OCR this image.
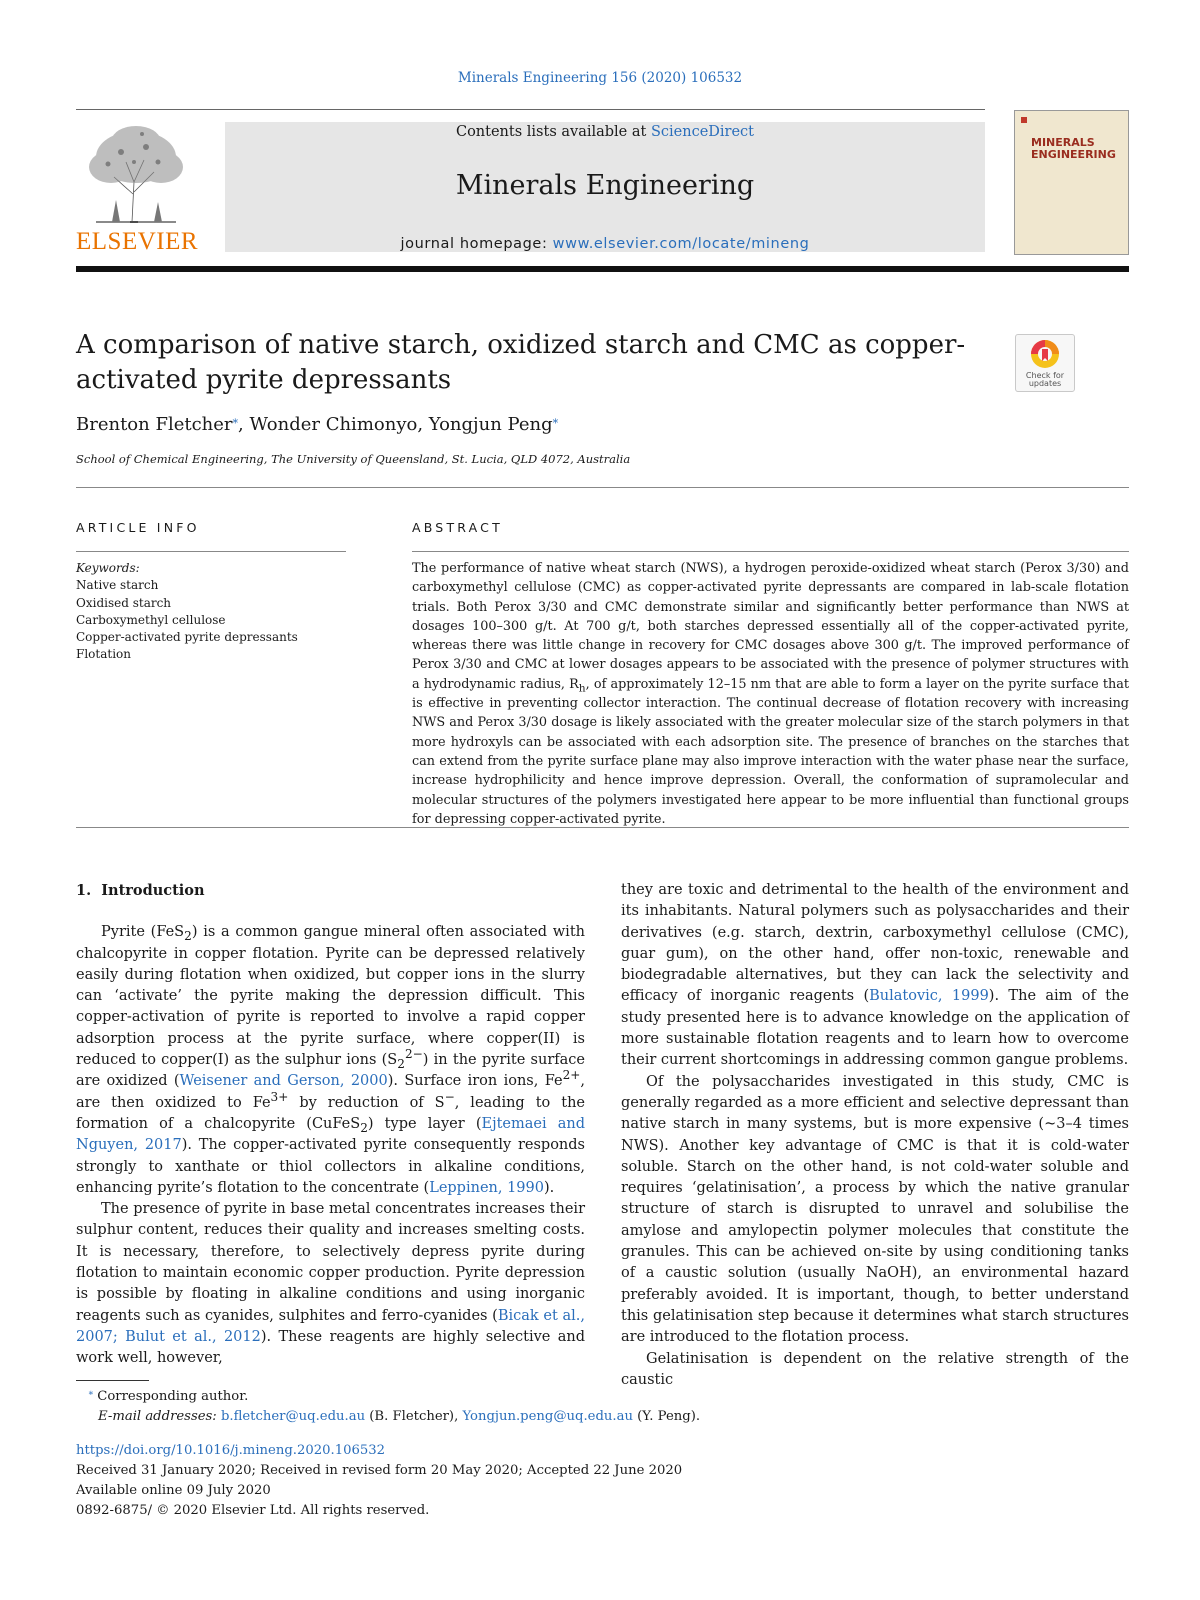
Minerals Engineering 156 (2020) 106532
ELSEVIER
Contents lists available at ScienceDirect
Minerals Engineering
journal homepage: www.elsevier.com/locate/mineng
MINERALS
ENGINEERING
A comparison of native starch, oxidized starch and CMC as copper-activated pyrite depressants	Check for
updates
Brenton Fletcher⁎, Wonder Chimonyo, Yongjun Peng⁎
School of Chemical Engineering, The University of Queensland, St. Lucia, QLD 4072, Australia
ARTICLE INFO	ABSTRACT
Keywords:
Native starch
Oxidised starch
Carboxymethyl cellulose
Copper-activated pyrite depressants
Flotation
The performance of native wheat starch (NWS), a hydrogen peroxide-oxidized wheat starch (Perox 3/30) and carboxymethyl cellulose (CMC) as copper-activated pyrite depressants are compared in lab-scale flotation trials. Both Perox 3/30 and CMC demonstrate similar and significantly better performance than NWS at dosages 100–300 g/t. At 700 g/t, both starches depressed essentially all of the copper-activated pyrite, whereas there was little change in recovery for CMC dosages above 300 g/t. The improved performance of Perox 3/30 and CMC at lower dosages appears to be associated with the presence of polymer structures with a hydrodynamic radius, $R_h$, of approximately 12–15 nm that are able to form a layer on the pyrite surface that is effective in preventing collector interaction. The continual decrease of flotation recovery with increasing NWS and Perox 3/30 dosage is likely associated with the greater molecular size of the starch polymers in that more hydroxyls can be associated with each adsorption site. The presence of branches on the starches that can extend from the pyrite surface plane may also improve interaction with the water phase near the surface, increase hydrophilicity and hence improve depression. Overall, the conformation of supramolecular and molecular structures of the polymers investigated here appear to be more influential than functional groups for depressing copper-activated pyrite.
1. Introduction

Pyrite (FeS$_2$) is a common gangue mineral often associated with chalcopyrite in copper flotation. Pyrite can be depressed relatively easily during flotation when oxidized, but copper ions in the slurry can ‘activate’ the pyrite making the depression difficult. This copper-activation of pyrite is reported to involve a rapid copper adsorption process at the pyrite surface, where copper(II) is reduced to copper(I) as the sulphur ions $(S_2^{2-})$ in the pyrite surface are oxidized (Weisener and Gerson, 2000). Surface iron ions, $Fe^{2+}$, are then oxidized to $Fe^{3+}$ by reduction of S−, leading to the formation of a chalcopyrite (CuFeS$_2$) type layer (Ejtemaei and Nguyen, 2017). The copper-activated pyrite consequently responds strongly to xanthate or thiol collectors in alkaline conditions, enhancing pyrite’s flotation to the concentrate (Leppinen, 1990).

The presence of pyrite in base metal concentrates increases their sulphur content, reduces their quality and increases smelting costs. It is necessary, therefore, to selectively depress pyrite during flotation to maintain economic copper production. Pyrite depression is possible by floating in alkaline conditions and using inorganic reagents such as cyanides, sulphites and ferro-cyanides (Bicak et al., 2007; Bulut et al., 2012). These reagents are highly selective and work well, however,

they are toxic and detrimental to the health of the environment and its inhabitants. Natural polymers such as polysaccharides and their derivatives (e.g. starch, dextrin, carboxymethyl cellulose (CMC), guar gum), on the other hand, offer non-toxic, renewable and biodegradable alternatives, but they can lack the selectivity and efficacy of inorganic reagents (Bulatovic, 1999). The aim of the study presented here is to advance knowledge on the application of more sustainable flotation reagents and to learn how to overcome their current shortcomings in addressing common gangue problems.

Of the polysaccharides investigated in this study, CMC is generally regarded as a more efficient and selective depressant than native starch in many systems, but is more expensive (~3–4 times NWS). Another key advantage of CMC is that it is cold-water soluble. Starch on the other hand, is not cold-water soluble and requires ‘gelatinisation’, a process by which the native granular structure of starch is disrupted to unravel and solubilise the amylose and amylopectin polymer molecules that constitute the granules. This can be achieved on-site by using conditioning tanks of a caustic solution (usually NaOH), an environmental hazard preferably avoided. It is important, though, to better understand this gelatinisation step because it determines what starch structures are introduced to the flotation process.

Gelatinisation is dependent on the relative strength of the caustic

⁎ Corresponding author.
E-mail addresses: b.fletcher@uq.edu.au (B. Fletcher), Yongjun.peng@uq.edu.au (Y. Peng).
https://doi.org/10.1016/j.mineng.2020.106532
Received 31 January 2020; Received in revised form 20 May 2020; Accepted 22 June 2020
Available online 09 July 2020
0892-6875/ © 2020 Elsevier Ltd. All rights reserved.
